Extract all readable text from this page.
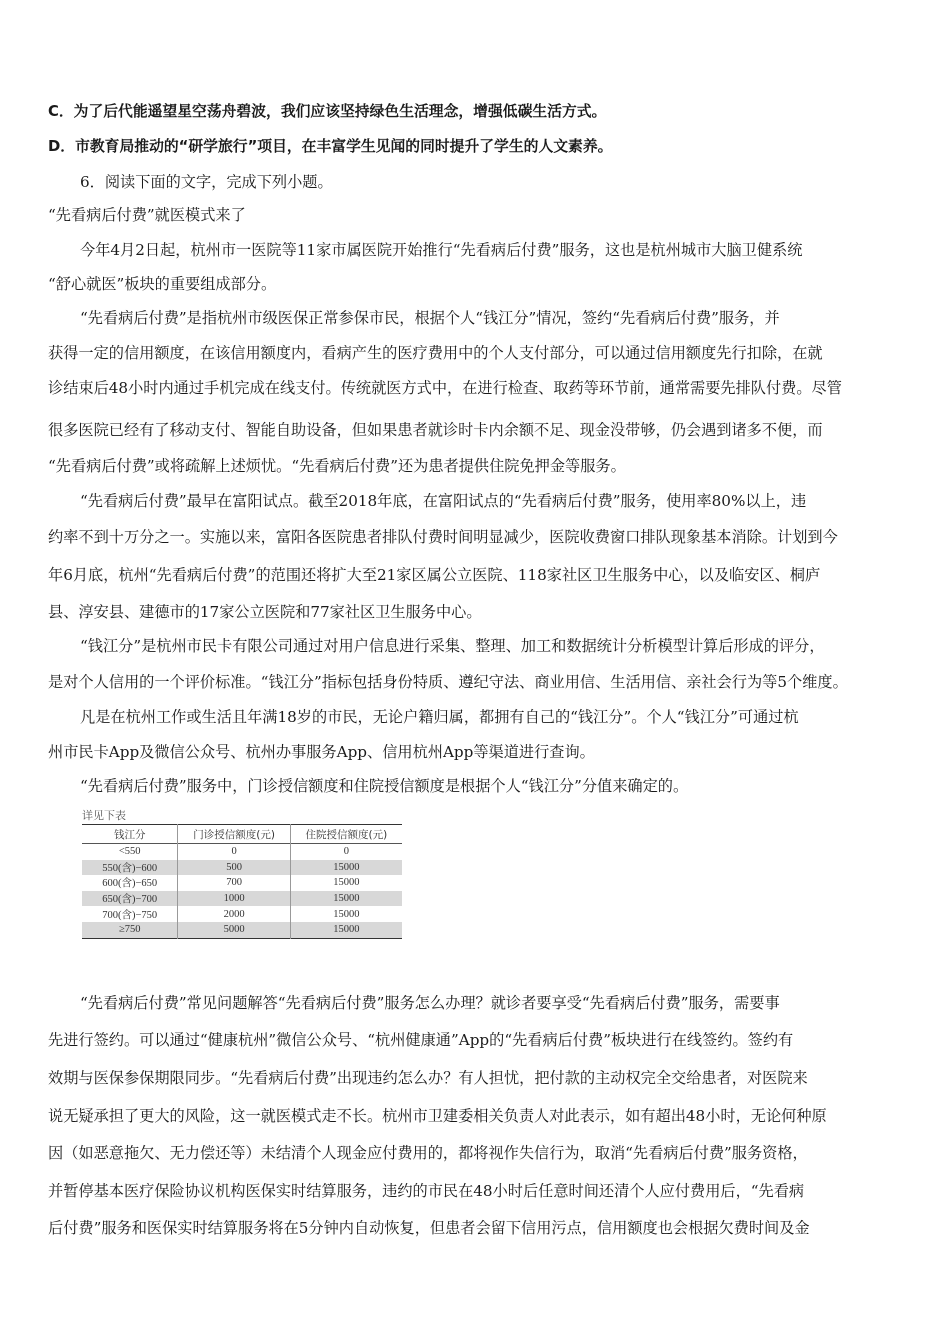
C．为了后代能遥望星空荡舟碧波，我们应该坚持绿色生活理念，增强低碳生活方式。
D．市教育局推动的“研学旅行”项目，在丰富学生见闻的同时提升了学生的人文素养。
6．阅读下面的文字，完成下列小题。
“先看病后付费”就医模式来了
今年4月2日起，杭州市一医院等11家市属医院开始推行“先看病后付费”服务，这也是杭州城市大脑卫健系统
“舒心就医”板块的重要组成部分。
“先看病后付费”是指杭州市级医保正常参保市民，根据个人“钱江分”情况，签约“先看病后付费”服务，并
获得一定的信用额度，在该信用额度内，看病产生的医疗费用中的个人支付部分，可以通过信用额度先行扣除，在就
诊结束后48小时内通过手机完成在线支付。传统就医方式中，在进行检查、取药等环节前，通常需要先排队付费。尽管
很多医院已经有了移动支付、智能自助设备，但如果患者就诊时卡内余额不足、现金没带够，仍会遇到诸多不便，而
“先看病后付费”或将疏解上述烦忧。“先看病后付费”还为患者提供住院免押金等服务。
“先看病后付费”最早在富阳试点。截至2018年底，在富阳试点的“先看病后付费”服务，使用率80%以上，违
约率不到十万分之一。实施以来，富阳各医院患者排队付费时间明显减少，医院收费窗口排队现象基本消除。计划到今
年6月底，杭州“先看病后付费”的范围还将扩大至21家区属公立医院、118家社区卫生服务中心，以及临安区、桐庐
县、淳安县、建德市的17家公立医院和77家社区卫生服务中心。
“钱江分”是杭州市民卡有限公司通过对用户信息进行采集、整理、加工和数据统计分析模型计算后形成的评分，
是对个人信用的一个评价标准。“钱江分”指标包括身份特质、遵纪守法、商业用信、生活用信、亲社会行为等5个维度。
凡是在杭州工作或生活且年满18岁的市民，无论户籍归属，都拥有自己的“钱江分”。个人“钱江分”可通过杭
州市民卡App及微信公众号、杭州办事服务App、信用杭州App等渠道进行查询。
“先看病后付费”服务中，门诊授信额度和住院授信额度是根据个人“钱江分”分值来确定的。
详见下表
钱江分	门诊授信额度(元)	住院授信额度(元)
<550	0	0
550(含)−600	500	15000
600(含)−650	700	15000
650(含)−700	1000	15000
700(含)−750	2000	15000
≥750	5000	15000
“先看病后付费”常见问题解答“先看病后付费”服务怎么办理？就诊者要享受“先看病后付费”服务，需要事
先进行签约。可以通过“健康杭州”微信公众号、“杭州健康通”App的“先看病后付费”板块进行在线签约。签约有
效期与医保参保期限同步。“先看病后付费”出现违约怎么办？有人担忧，把付款的主动权完全交给患者，对医院来
说无疑承担了更大的风险，这一就医模式走不长。杭州市卫建委相关负责人对此表示，如有超出48小时，无论何种原
因（如恶意拖欠、无力偿还等）未结清个人现金应付费用的，都将视作失信行为，取消“先看病后付费”服务资格，
并暂停基本医疗保险协议机构医保实时结算服务，违约的市民在48小时后任意时间还清个人应付费用后，“先看病
后付费”服务和医保实时结算服务将在5分钟内自动恢复，但患者会留下信用污点，信用额度也会根据欠费时间及金
